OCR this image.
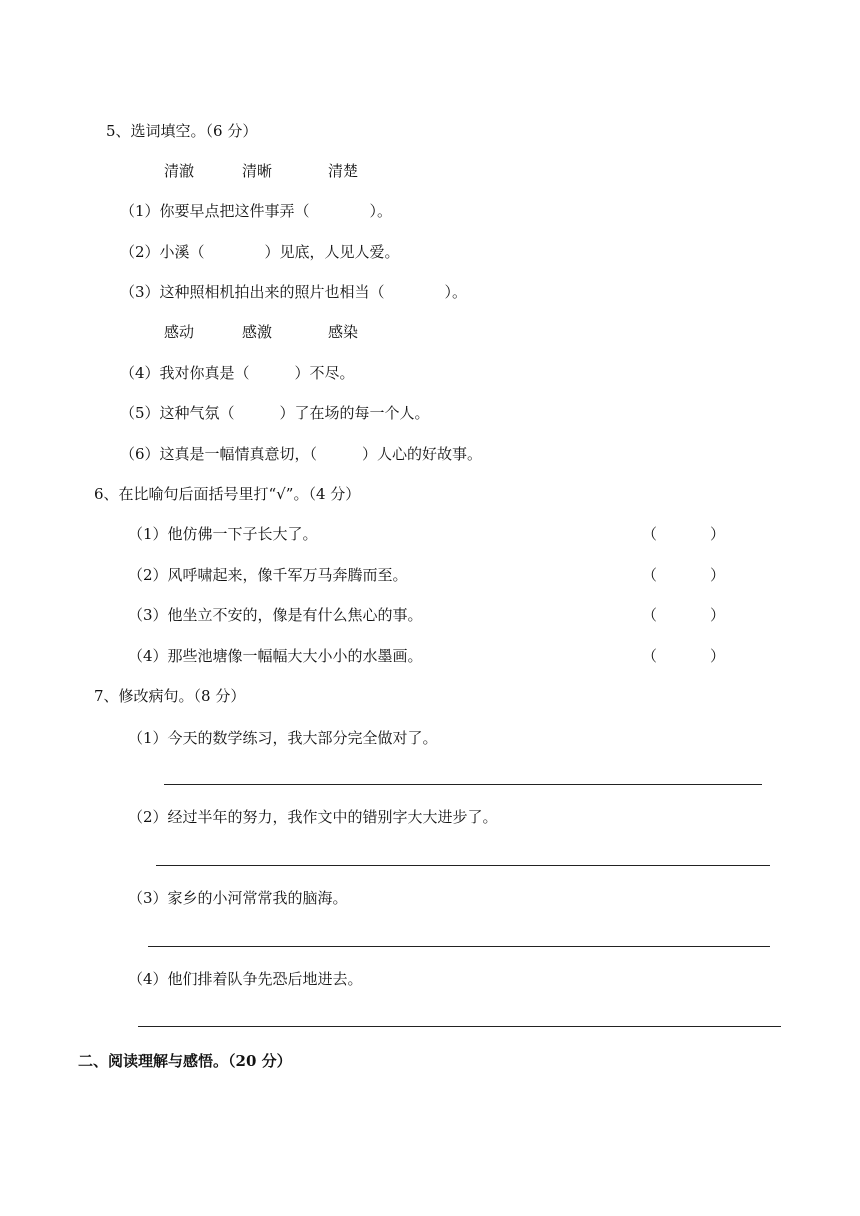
5、选词填空。（6 分）
清澈	清晰	清楚
（1）你要早点把这件事弄（　　　　）。
（2）小溪（　　　　）见底，人见人爱。
（3）这种照相机拍出来的照片也相当（　　　　）。
感动	感激	感染
（4）我对你真是（　　　）不尽。
（5）这种气氛（　　　）了在场的每一个人。
（6）这真是一幅情真意切，（　　　）人心的好故事。
6、在比喻句后面括号里打“√”。（4 分）
（1）他仿佛一下子长大了。	（	）
（2）风呼啸起来，像千军万马奔腾而至。	（	）
（3）他坐立不安的，像是有什么焦心的事。	（	）
（4）那些池塘像一幅幅大大小小的水墨画。	（	）
7、修改病句。（8 分）
（1）今天的数学练习，我大部分完全做对了。
（2）经过半年的努力，我作文中的错别字大大进步了。
（3）家乡的小河常常我的脑海。
（4）他们排着队争先恐后地进去。
二、阅读理解与感悟。（20 分）
